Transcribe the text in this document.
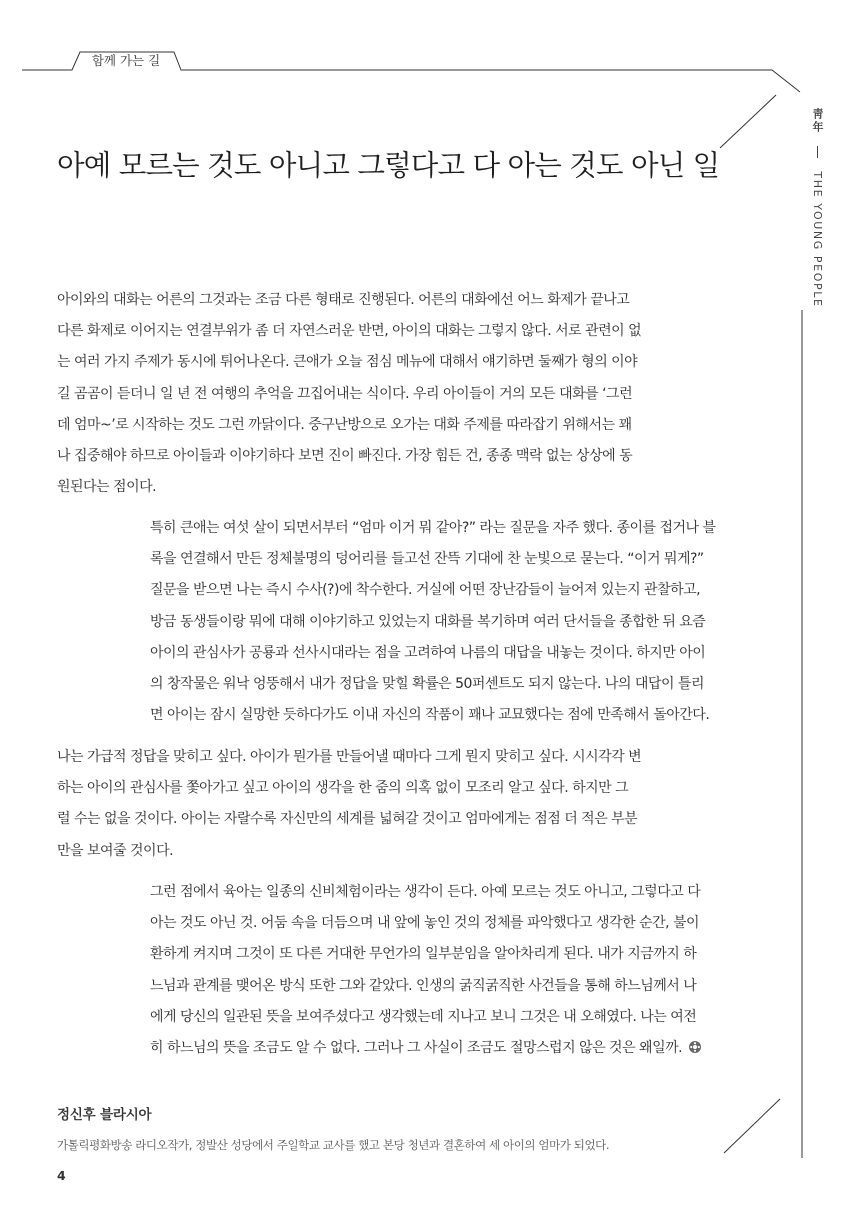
함께 가는 길
靑年  THE YOUNG PEOPLE
아예 모르는 것도 아니고 그렇다고 다 아는 것도 아닌 일
아이와의 대화는 어른의 그것과는 조금 다른 형태로 진행된다. 어른의 대화에선 어느 화제가 끝나고
다른 화제로 이어지는 연결부위가 좀 더 자연스러운 반면, 아이의 대화는 그렇지 않다. 서로 관련이 없
는 여러 가지 주제가 동시에 튀어나온다. 큰애가 오늘 점심 메뉴에 대해서 얘기하면 둘째가 형의 이야
길 곰곰이 듣더니 일 년 전 여행의 추억을 끄집어내는 식이다. 우리 아이들이 거의 모든 대화를 ‘그런
데 엄마~’로 시작하는 것도 그런 까닭이다. 중구난방으로 오가는 대화 주제를 따라잡기 위해서는 꽤
나 집중해야 하므로 아이들과 이야기하다 보면 진이 빠진다. 가장 힘든 건, 종종 맥락 없는 상상에 동
원된다는 점이다.
특히 큰애는 여섯 살이 되면서부터 “엄마 이거 뭐 같아?” 라는 질문을 자주 했다. 종이를 접거나 블
록을 연결해서 만든 정체불명의 덩어리를 들고선 잔뜩 기대에 찬 눈빛으로 묻는다. “이거 뭐게?”
질문을 받으면 나는 즉시 수사(?)에 착수한다. 거실에 어떤 장난감들이 늘어져 있는지 관찰하고,
방금 동생들이랑 뭐에 대해 이야기하고 있었는지 대화를 복기하며 여러 단서들을 종합한 뒤 요즘
아이의 관심사가 공룡과 선사시대라는 점을 고려하여 나름의 대답을 내놓는 것이다. 하지만 아이
의 창작물은 워낙 엉뚱해서 내가 정답을 맞힐 확률은 50퍼센트도 되지 않는다. 나의 대답이 틀리
면 아이는 잠시 실망한 듯하다가도 이내 자신의 작품이 꽤나 교묘했다는 점에 만족해서 돌아간다.
나는 가급적 정답을 맞히고 싶다. 아이가 뭔가를 만들어낼 때마다 그게 뭔지 맞히고 싶다. 시시각각 변
하는 아이의 관심사를 쫓아가고 싶고 아이의 생각을 한 줌의 의혹 없이 모조리 알고 싶다. 하지만 그
럴 수는 없을 것이다. 아이는 자랄수록 자신만의 세계를 넓혀갈 것이고 엄마에게는 점점 더 적은 부분
만을 보여줄 것이다.
그런 점에서 육아는 일종의 신비체험이라는 생각이 든다. 아예 모르는 것도 아니고, 그렇다고 다
아는 것도 아닌 것. 어둠 속을 더듬으며 내 앞에 놓인 것의 정체를 파악했다고 생각한 순간, 불이
환하게 켜지며 그것이 또 다른 거대한 무언가의 일부분임을 알아차리게 된다. 내가 지금까지 하
느님과 관계를 맺어온 방식 또한 그와 같았다. 인생의 굵직굵직한 사건들을 통해 하느님께서 나
에게 당신의 일관된 뜻을 보여주셨다고 생각했는데 지나고 보니 그것은 내 오해였다. 나는 여전
히 하느님의 뜻을 조금도 알 수 없다. 그러나 그 사실이 조금도 절망스럽지 않은 것은 왜일까.
정신후 블라시아
가톨릭평화방송 라디오작가, 정발산 성당에서 주일학교 교사를 했고 본당 청년과 결혼하여 세 아이의 엄마가 되었다.
4
